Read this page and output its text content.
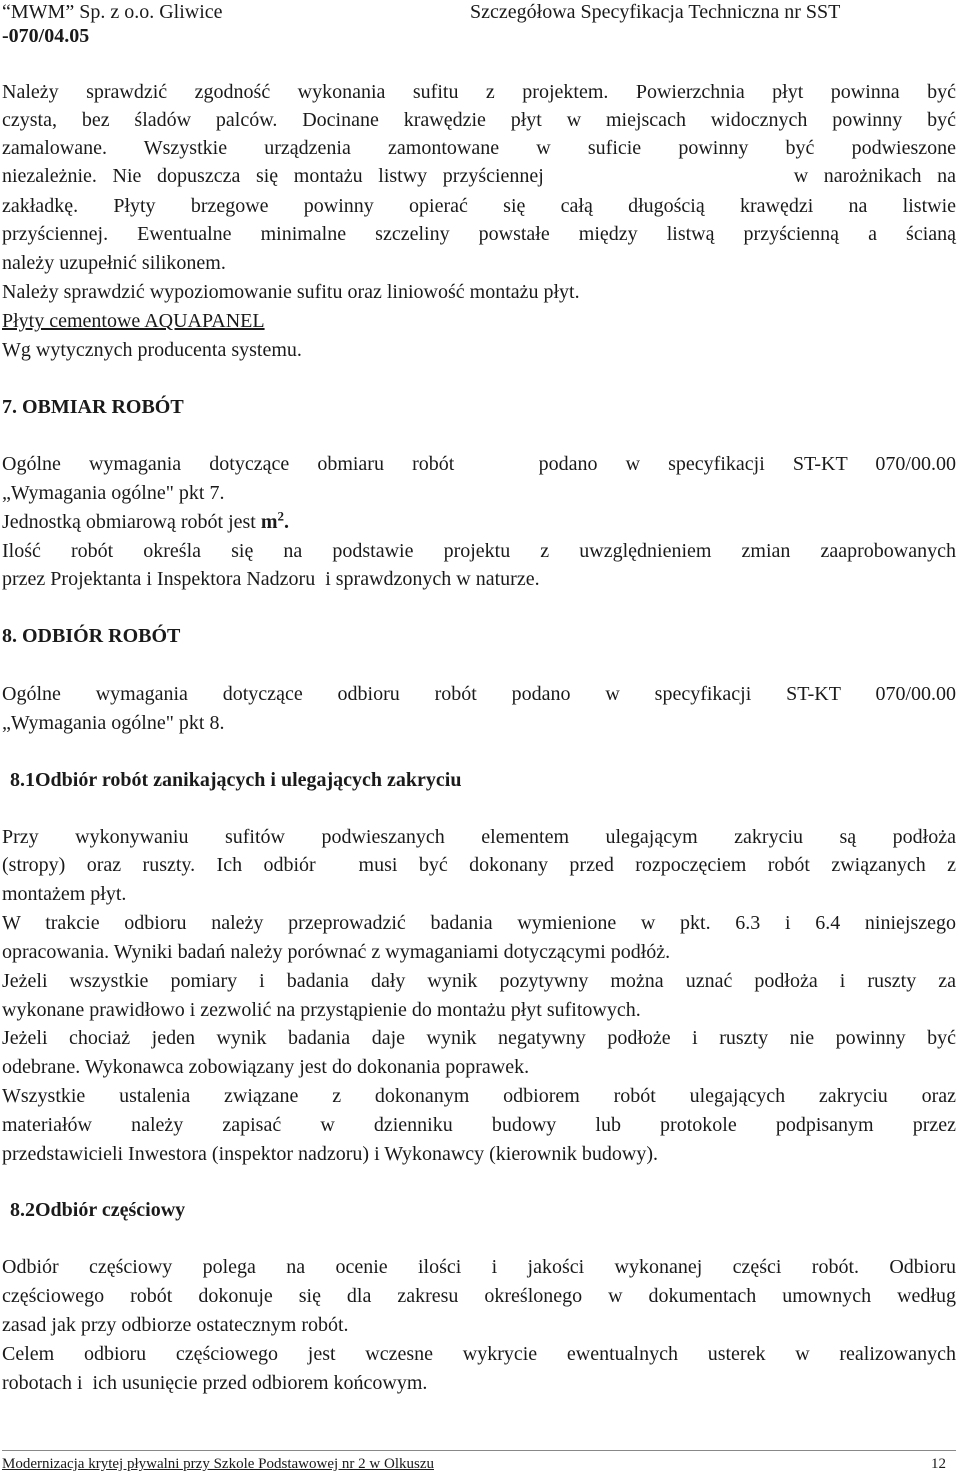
“MWM” Sp. z o.o. Gliwice
-070/04.05
Szczegółowa Specyfikacja Techniczna nr SST
Należy sprawdzić zgodność wykonania sufitu z projektem. Powierzchnia płyt powinna być
czysta, bez śladów palców. Docinane krawędzie płyt w miejscach widocznych powinny być
zamalowane. Wszystkie urządzenia zamontowane w suficie powinny być podwieszone
niezależnie. Nie dopuszcza się montażu listwy przyściennej                w narożnikach na
zakładkę. Płyty brzegowe powinny opierać się całą długością krawędzi na listwie
przyściennej. Ewentualne minimalne szczeliny powstałe między listwą przyścienną a ścianą
należy uzupełnić silikonem.
Należy sprawdzić wypoziomowanie sufitu oraz liniowość montażu płyt.
Płyty cementowe AQUAPANEL
Wg wytycznych producenta systemu.
7. OBMIAR ROBÓT
Ogólne wymagania dotyczące obmiaru robót   podano w specyfikacji ST-KT 070/00.00
„Wymagania ogólne" pkt 7.
Jednostką obmiarową robót jest $m^2$.
Ilość robót określa się na podstawie projektu z uwzględnieniem zmian zaaprobowanych
przez Projektanta i Inspektora Nadzoru  i sprawdzonych w naturze.
8. ODBIÓR ROBÓT
Ogólne wymagania dotyczące odbioru robót podano w specyfikacji ST-KT 070/00.00
„Wymagania ogólne" pkt 8.
8.1Odbiór robót zanikających i ulegających zakryciu
Przy wykonywaniu sufitów podwieszanych elementem ulegającym zakryciu są podłoża
(stropy) oraz ruszty. Ich odbiór  musi być dokonany przed rozpoczęciem robót związanych z
montażem płyt.
W trakcie odbioru należy przeprowadzić badania wymienione w pkt. 6.3 i 6.4 niniejszego
opracowania. Wyniki badań należy porównać z wymaganiami dotyczącymi podłóż.
Jeżeli wszystkie pomiary i badania dały wynik pozytywny można uznać podłoża i ruszty za
wykonane prawidłowo i zezwolić na przystąpienie do montażu płyt sufitowych.
Jeżeli chociaż jeden wynik badania daje wynik negatywny podłoże i ruszty nie powinny być
odebrane. Wykonawca zobowiązany jest do dokonania poprawek.
Wszystkie ustalenia związane z dokonanym odbiorem robót ulegających zakryciu oraz
materiałów należy zapisać w dzienniku budowy lub protokole podpisanym przez
przedstawicieli Inwestora (inspektor nadzoru) i Wykonawcy (kierownik budowy).
8.2Odbiór częściowy
Odbiór częściowy polega na ocenie ilości i jakości wykonanej części robót. Odbioru
częściowego robót dokonuje się dla zakresu określonego w dokumentach umownych według
zasad jak przy odbiorze ostatecznym robót.
Celem odbioru częściowego jest wczesne wykrycie ewentualnych usterek w realizowanych
robotach i  ich usunięcie przed odbiorem końcowym.
Modernizacja krytej pływalni przy Szkole Podstawowej nr 2 w Olkuszu	12
